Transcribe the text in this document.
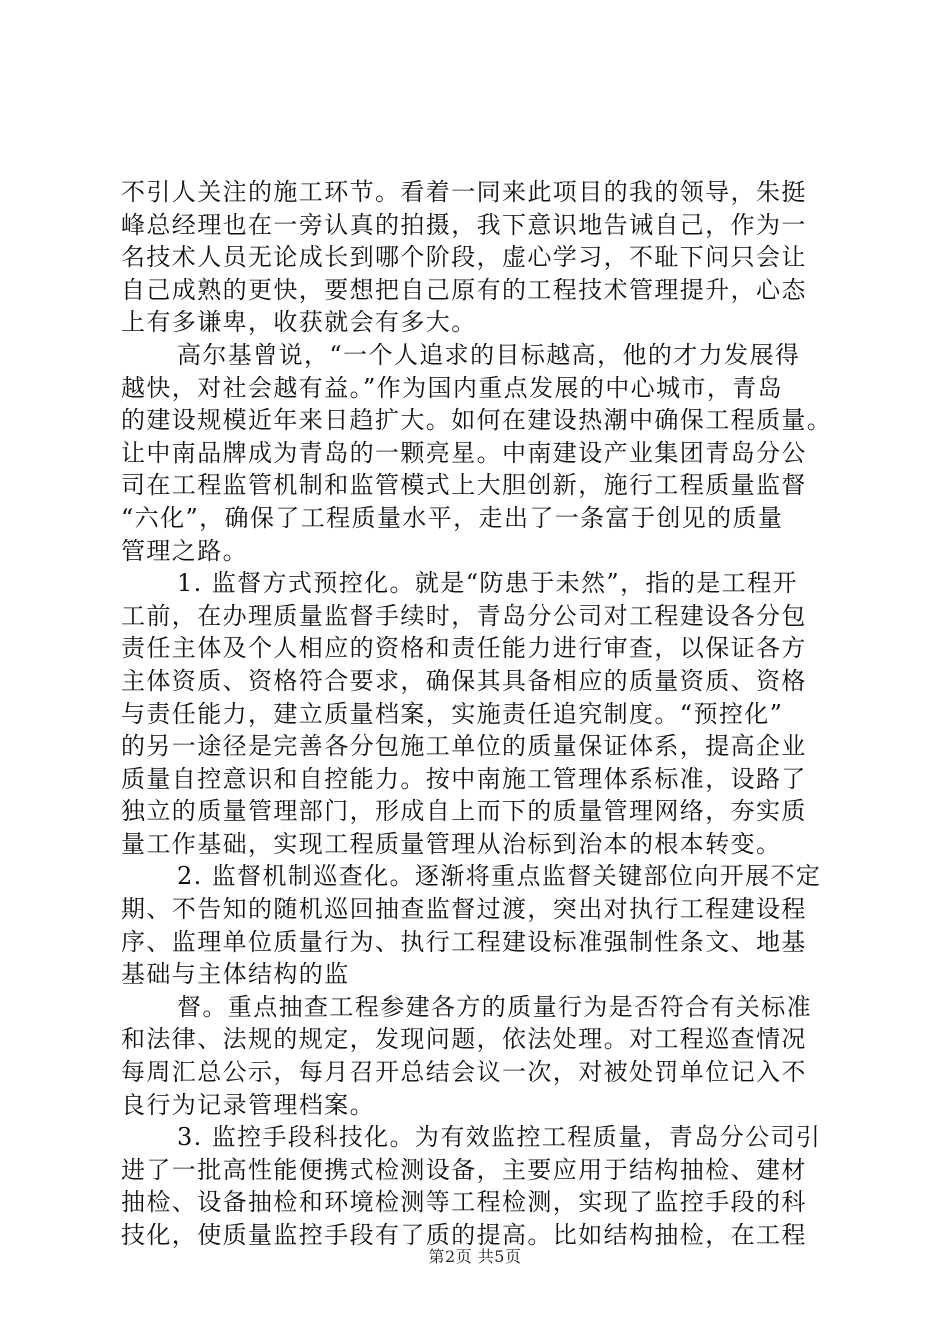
不引人关注的施工环节。看着一同来此项目的我的领导，朱挺
峰总经理也在一旁认真的拍摄，我下意识地告诫自己，作为一
名技术人员无论成长到哪个阶段，虚心学习，不耻下问只会让
自己成熟的更快，要想把自己原有的工程技术管理提升，心态
上有多谦卑，收获就会有多大。
高尔基曾说，“一个人追求的目标越高，他的才力发展得
越快，对社会越有益。”作为国内重点发展的中心城市，青岛
的建设规模近年来日趋扩大。如何在建设热潮中确保工程质量。
让中南品牌成为青岛的一颗亮星。中南建设产业集团青岛分公
司在工程监管机制和监管模式上大胆创新，施行工程质量监督
“六化”，确保了工程质量水平，走出了一条富于创见的质量
管理之路。
1. 监督方式预控化。就是“防患于未然”，指的是工程开
工前，在办理质量监督手续时，青岛分公司对工程建设各分包
责任主体及个人相应的资格和责任能力进行审查，以保证各方
主体资质、资格符合要求，确保其具备相应的质量资质、资格
与责任能力，建立质量档案，实施责任追究制度。“预控化”
的另一途径是完善各分包施工单位的质量保证体系，提高企业
质量自控意识和自控能力。按中南施工管理体系标准，设路了
独立的质量管理部门，形成自上而下的质量管理网络，夯实质
量工作基础，实现工程质量管理从治标到治本的根本转变。
2. 监督机制巡查化。逐渐将重点监督关键部位向开展不定
期、不告知的随机巡回抽查监督过渡，突出对执行工程建设程
序、监理单位质量行为、执行工程建设标准强制性条文、地基
基础与主体结构的监
督。重点抽查工程参建各方的质量行为是否符合有关标准
和法律、法规的规定，发现问题，依法处理。对工程巡查情况
每周汇总公示，每月召开总结会议一次，对被处罚单位记入不
良行为记录管理档案。
3. 监控手段科技化。为有效监控工程质量，青岛分公司引
进了一批高性能便携式检测设备，主要应用于结构抽检、建材
抽检、设备抽检和环境检测等工程检测，实现了监控手段的科
技化，使质量监控手段有了质的提高。比如结构抽检，在工程
第2页 共5页
